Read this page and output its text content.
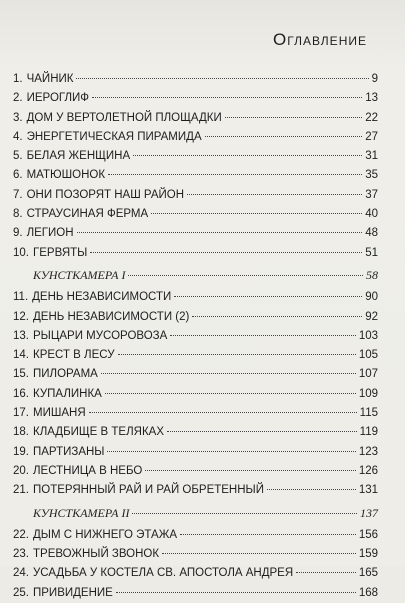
Оглавление
1. ЧАЙНИК	9
2. ИЕРОГЛИФ	13
3. ДОМ У ВЕРТОЛЕТНОЙ ПЛОЩАДКИ	22
4. ЭНЕРГЕТИЧЕСКАЯ ПИРАМИДА	27
5. БЕЛАЯ ЖЕНЩИНА	31
6. МАТЮШОНОК	35
7. ОНИ ПОЗОРЯТ НАШ РАЙОН	37
8. СТРАУСИНАЯ ФЕРМА	40
9. ЛЕГИОН	48
10. ГЕРВЯТЫ	51
КУНСТКАМЕРА I	58
11. ДЕНЬ НЕЗАВИСИМОСТИ	90
12. ДЕНЬ НЕЗАВИСИМОСТИ (2)	92
13. РЫЦАРИ МУСОРОВОЗА	103
14. КРЕСТ В ЛЕСУ	105
15. ПИЛОРАМА	107
16. КУПАЛИНКА	109
17. МИШАНЯ	115
18. КЛАДБИЩЕ В ТЕЛЯКАХ	119
19. ПАРТИЗАНЫ	123
20. ЛЕСТНИЦА В НЕБО	126
21. ПОТЕРЯННЫЙ РАЙ И РАЙ ОБРЕТЕННЫЙ	131
КУНСТКАМЕРА II	137
22. ДЫМ С НИЖНЕГО ЭТАЖА	156
23. ТРЕВОЖНЫЙ ЗВОНОК	159
24. УСАДЬБА У КОСТЕЛА СВ. АПОСТОЛА АНДРЕЯ	165
25. ПРИВИДЕНИЕ	168
